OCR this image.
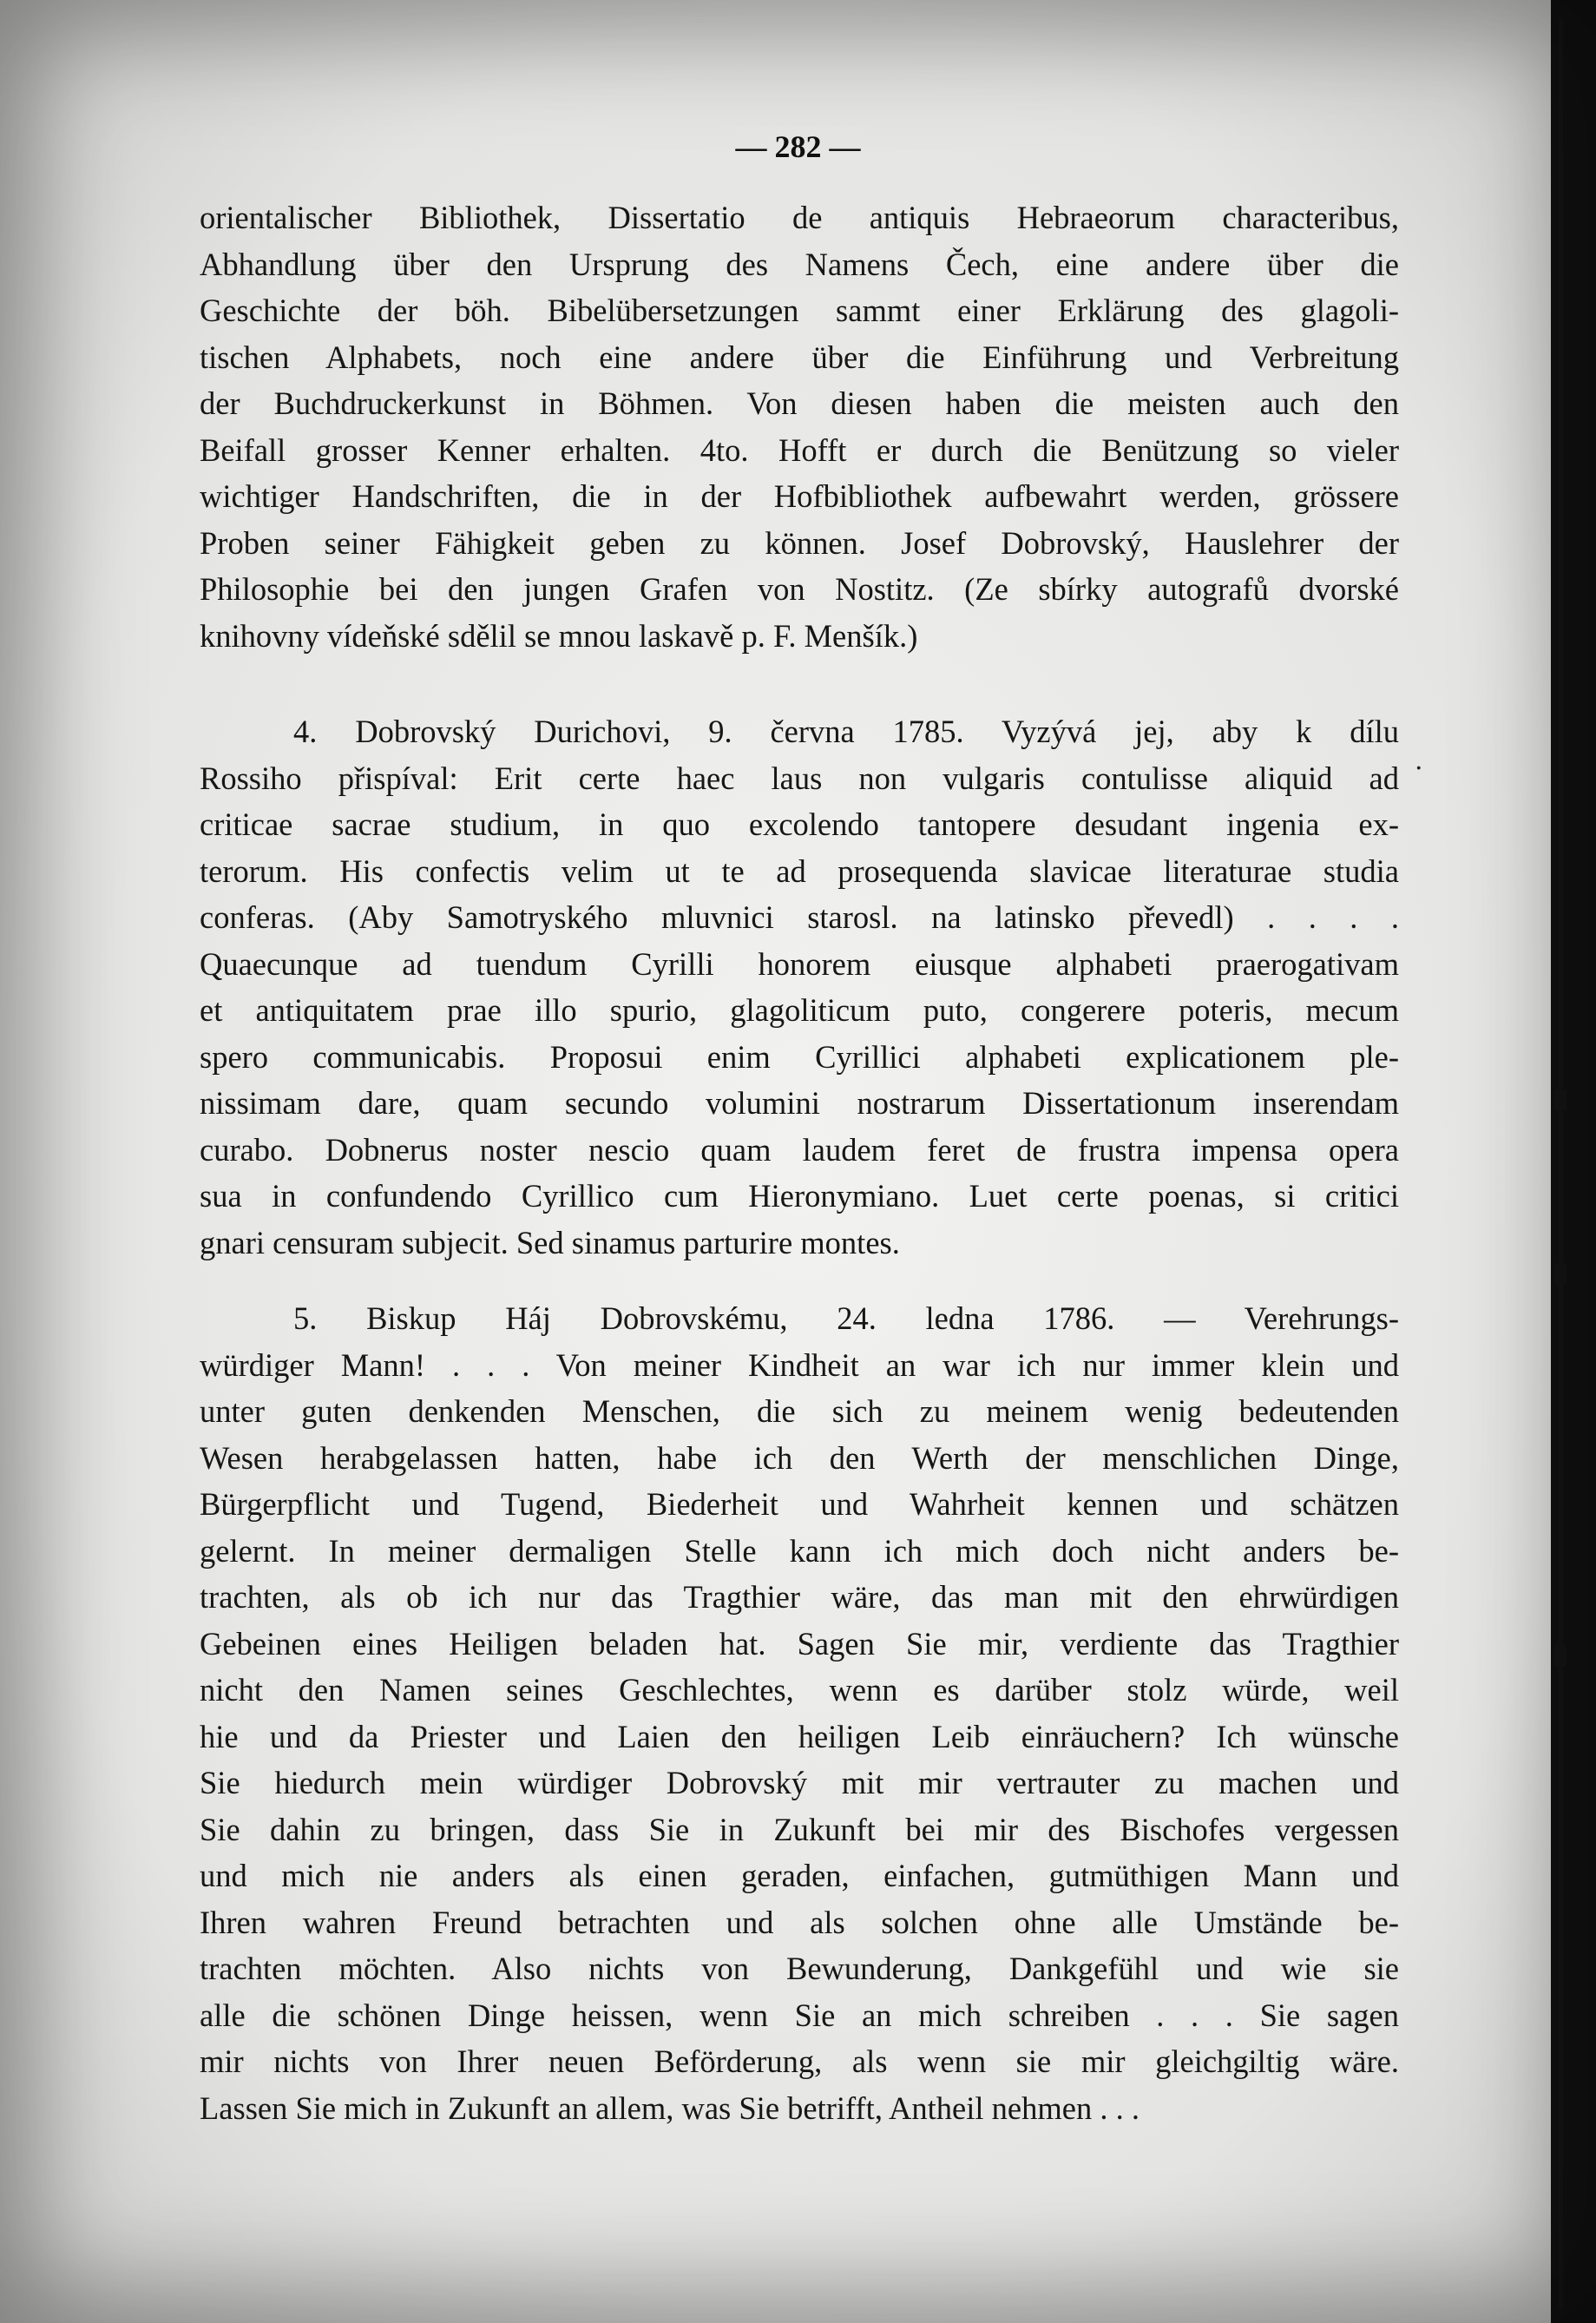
·
— 282 —
orientalischer Bibliothek, Dissertatio de antiquis Hebraeorum characteribus,
Abhandlung über den Ursprung des Namens Čech, eine andere über die
Geschichte der böh. Bibelübersetzungen sammt einer Erklärung des glagoli-
tischen Alphabets, noch eine andere über die Einführung und Verbreitung
der Buchdruckerkunst in Böhmen. Von diesen haben die meisten auch den
Beifall grosser Kenner erhalten. 4to. Hofft er durch die Benützung so vieler
wichtiger Handschriften, die in der Hofbibliothek aufbewahrt werden, grössere
Proben seiner Fähigkeit geben zu können. Josef Dobrovský, Hauslehrer der
Philosophie bei den jungen Grafen von Nostitz. (Ze sbírky autografů dvorské
knihovny vídeňské sdělil se mnou laskavě p. F. Menšík.)
4. Dobrovský Durichovi, 9. června 1785. Vyzývá jej, aby k dílu
Rossiho přispíval: Erit certe haec laus non vulgaris contulisse aliquid ad
criticae sacrae studium, in quo excolendo tantopere desudant ingenia ex-
terorum. His confectis velim ut te ad prosequenda slavicae literaturae studia
conferas. (Aby Samotryského mluvnici starosl. na latinsko převedl) . . . .
Quaecunque ad tuendum Cyrilli honorem eiusque alphabeti praerogativam
et antiquitatem prae illo spurio, glagoliticum puto, congerere poteris, mecum
spero communicabis. Proposui enim Cyrillici alphabeti explicationem ple-
nissimam dare, quam secundo volumini nostrarum Dissertationum inserendam
curabo. Dobnerus noster nescio quam laudem feret de frustra impensa opera
sua in confundendo Cyrillico cum Hieronymiano. Luet certe poenas, si critici
gnari censuram subjecit. Sed sinamus parturire montes.
5. Biskup Háj Dobrovskému, 24. ledna 1786. — Verehrungs-
würdiger Mann! . . . Von meiner Kindheit an war ich nur immer klein und
unter guten denkenden Menschen, die sich zu meinem wenig bedeutenden
Wesen herabgelassen hatten, habe ich den Werth der menschlichen Dinge,
Bürgerpflicht und Tugend, Biederheit und Wahrheit kennen und schätzen
gelernt. In meiner dermaligen Stelle kann ich mich doch nicht anders be-
trachten, als ob ich nur das Tragthier wäre, das man mit den ehrwürdigen
Gebeinen eines Heiligen beladen hat. Sagen Sie mir, verdiente das Tragthier
nicht den Namen seines Geschlechtes, wenn es darüber stolz würde, weil
hie und da Priester und Laien den heiligen Leib einräuchern? Ich wünsche
Sie hiedurch mein würdiger Dobrovský mit mir vertrauter zu machen und
Sie dahin zu bringen, dass Sie in Zukunft bei mir des Bischofes vergessen
und mich nie anders als einen geraden, einfachen, gutmüthigen Mann und
Ihren wahren Freund betrachten und als solchen ohne alle Umstände be-
trachten möchten. Also nichts von Bewunderung, Dankgefühl und wie sie
alle die schönen Dinge heissen, wenn Sie an mich schreiben . . . Sie sagen
mir nichts von Ihrer neuen Beförderung, als wenn sie mir gleichgiltig wäre.
Lassen Sie mich in Zukunft an allem, was Sie betrifft, Antheil nehmen . . .
